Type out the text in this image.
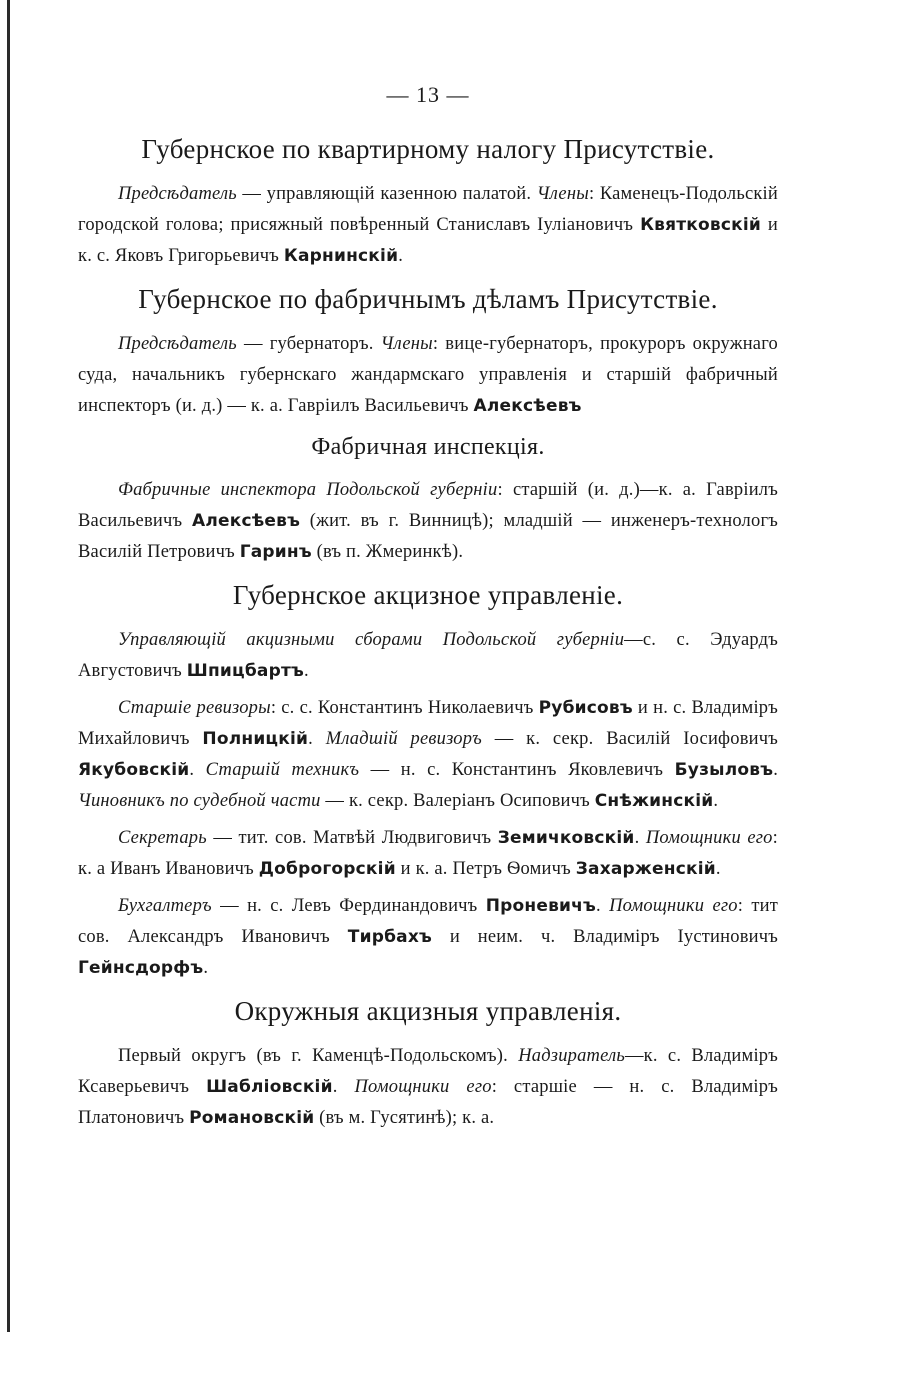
— 13 —
Губернское по квартирному налогу Присутствіе.

Предсѣдатель — управляющій казенною палатой. Члены: Каменецъ-Подольскій городской голова; присяжный повѣренный Станиславъ Іуліановичъ Квятковскій и к. с. Яковъ Григорьевичъ Карнинскій.

Губернское по фабричнымъ дѣламъ Присутствіе.

Предсѣдатель — губернаторъ. Члены: вице-губернаторъ, прокуроръ окружнаго суда, начальникъ губернскаго жандармскаго управленія и старшій фабричный инспекторъ (и. д.) — к. а. Гавріилъ Васильевичъ Алексѣевъ

Фабричная инспекція.

Фабричные инспектора Подольской губерніи: старшій (и. д.)—к. а. Гавріилъ Васильевичъ Алексѣевъ (жит. въ г. Винницѣ); младшій — инженеръ-технологъ Василій Петровичъ Гаринъ (въ п. Жмеринкѣ).

Губернское акцизное управленіе.

Управляющій акцизными сборами Подольской губерніи—с. с. Эдуардъ Августовичъ Шпицбартъ.

Старшіе ревизоры: с. с. Константинъ Николаевичъ Рубисовъ и н. с. Владиміръ Михайловичъ Полницкій. Младшій ревизоръ — к. секр. Василій Іосифовичъ Якубовскій. Старшій техникъ — н. с. Константинъ Яковлевичъ Бузыловъ. Чиновникъ по судебной части — к. секр. Валеріанъ Осиповичъ Снѣжинскій.

Секретарь — тит. сов. Матвѣй Людвиговичъ Земичковскій. Помощники его: к. а Иванъ Ивановичъ Доброгорскій и к. а. Петръ Ѳомичъ Захарженскій.

Бухгалтеръ — н. с. Левъ Фердинандовичъ Проневичъ. Помощники его: тит сов. Александръ Ивановичъ Тирбахъ и неим. ч. Владиміръ Іустиновичъ Гейнсдорфъ.

Окружныя акцизныя управленія.

Первый округъ (въ г. Каменцѣ-Подольскомъ). Надзиратель—к. с. Владиміръ Ксаверьевичъ Шабліовскій. Помощники его: старшіе — н. с. Владиміръ Платоновичъ Романовскій (въ м. Гусятинѣ); к. а.
